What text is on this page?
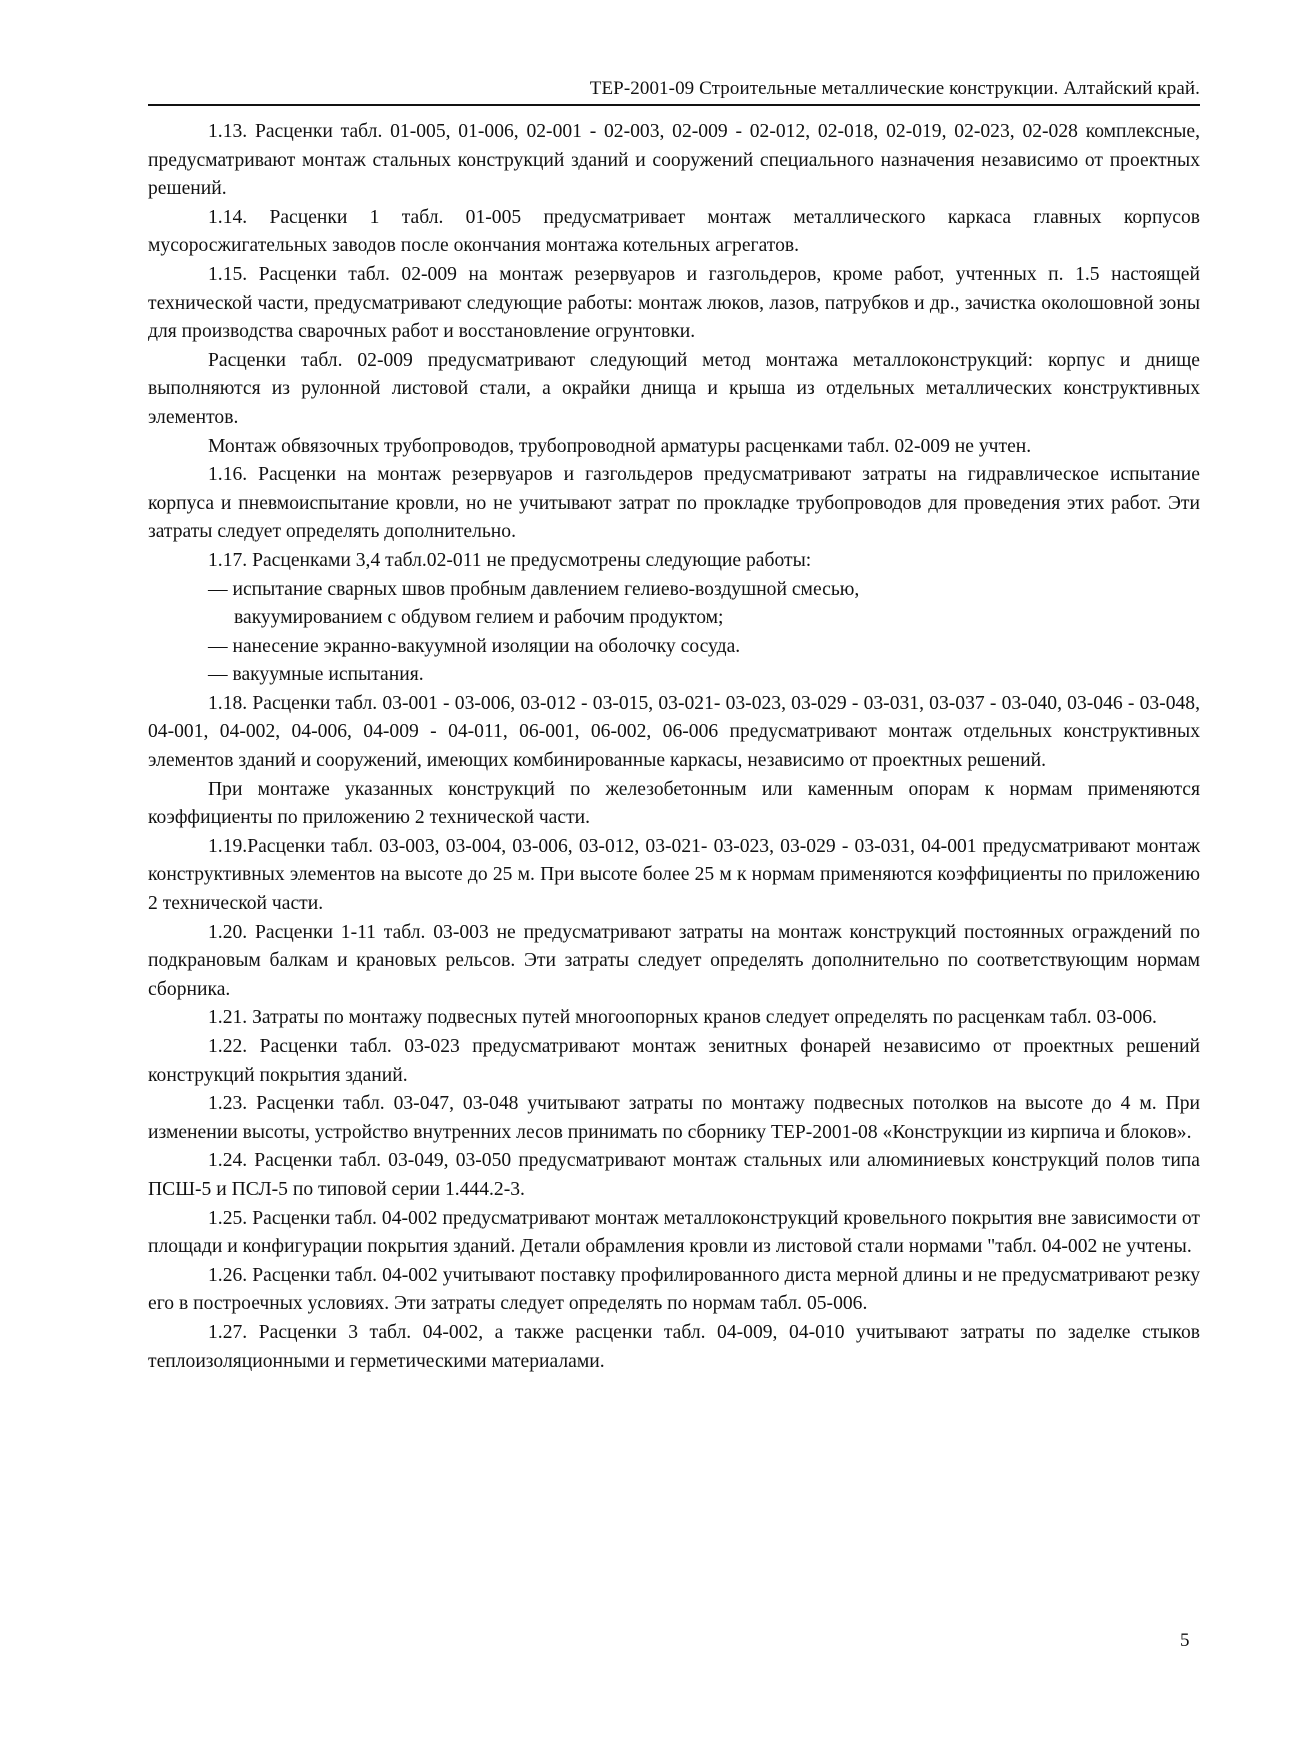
ТЕР-2001-09 Строительные металлические конструкции. Алтайский край.

1.13. Расценки табл. 01-005, 01-006, 02-001 - 02-003, 02-009 - 02-012, 02-018, 02-019, 02-023, 02-028 комплексные, предусматривают монтаж стальных конструкций зданий и сооружений специального назначения независимо от проектных решений.

1.14. Расценки 1 табл. 01-005 предусматривает монтаж металлического каркаса главных корпусов мусоросжигательных заводов после окончания монтажа котельных агрегатов.

1.15. Расценки табл. 02-009 на монтаж резервуаров и газгольдеров, кроме работ, учтенных п. 1.5 настоящей технической части, предусматривают следующие работы: монтаж люков, лазов, патрубков и др., зачистка околошовной зоны для производства сварочных работ и восстановление огрунтовки.

Расценки табл. 02-009 предусматривают следующий метод монтажа металлоконструкций: корпус и днище выполняются из рулонной листовой стали, а окрайки днища и крыша из отдельных металлических конструктивных элементов.

Монтаж обвязочных трубопроводов, трубопроводной арматуры расценками табл. 02-009 не учтен.

1.16. Расценки на монтаж резервуаров и газгольдеров предусматривают затраты на гидравлическое испытание корпуса и пневмоиспытание кровли, но не учитывают затрат по прокладке трубопроводов для проведения этих работ. Эти затраты следует определять дополнительно.

1.17. Расценками 3,4 табл.02-011 не предусмотрены следующие работы:

— испытание сварных швов пробным давлением гелиево-воздушной смесью,

вакуумированием с обдувом гелием и рабочим продуктом;

— нанесение экранно-вакуумной изоляции на оболочку сосуда.

— вакуумные испытания.

1.18. Расценки табл. 03-001 - 03-006, 03-012 - 03-015, 03-021- 03-023, 03-029 - 03-031, 03-037 - 03-040, 03-046 - 03-048, 04-001, 04-002, 04-006, 04-009 - 04-011, 06-001, 06-002, 06-006 предусматривают монтаж отдельных конструктивных элементов зданий и сооружений, имеющих комбинированные каркасы, независимо от проектных решений.

При монтаже указанных конструкций по железобетонным или каменным опорам к нормам применяются коэффициенты по приложению 2 технической части.

1.19.Расценки табл. 03-003, 03-004, 03-006, 03-012, 03-021- 03-023, 03-029 - 03-031, 04-001 предусматривают монтаж конструктивных элементов на высоте до 25 м. При высоте более 25 м к нормам применяются коэффициенты по приложению 2 технической части.

1.20. Расценки 1-11 табл. 03-003 не предусматривают затраты на монтаж конструкций постоянных ограждений по подкрановым балкам и крановых рельсов. Эти затраты следует определять дополнительно по соответствующим нормам сборника.

1.21. Затраты по монтажу подвесных путей многоопорных кранов следует определять по расценкам табл. 03-006.

1.22. Расценки табл. 03-023 предусматривают монтаж зенитных фонарей независимо от проектных решений конструкций покрытия зданий.

1.23. Расценки табл. 03-047, 03-048 учитывают затраты по монтажу подвесных потолков на высоте до 4 м. При изменении высоты, устройство внутренних лесов принимать по сборнику ТЕР-2001-08 «Конструкции из кирпича и блоков».

1.24. Расценки табл. 03-049, 03-050 предусматривают монтаж стальных или алюминиевых конструкций полов типа ПСШ-5 и ПСЛ-5 по типовой серии 1.444.2-3.

1.25. Расценки табл. 04-002 предусматривают монтаж металлоконструкций кровельного покрытия вне зависимости от площади и конфигурации покрытия зданий. Детали обрамления кровли из листовой стали нормами "табл. 04-002 не учтены.

1.26. Расценки табл. 04-002 учитывают поставку профилированного диста мерной длины и не предусматривают резку его в построечных условиях. Эти затраты следует определять по нормам табл. 05-006.

1.27. Расценки 3 табл. 04-002, а также расценки табл. 04-009, 04-010 учитывают затраты по заделке стыков теплоизоляционными и герметическими материалами.

5
